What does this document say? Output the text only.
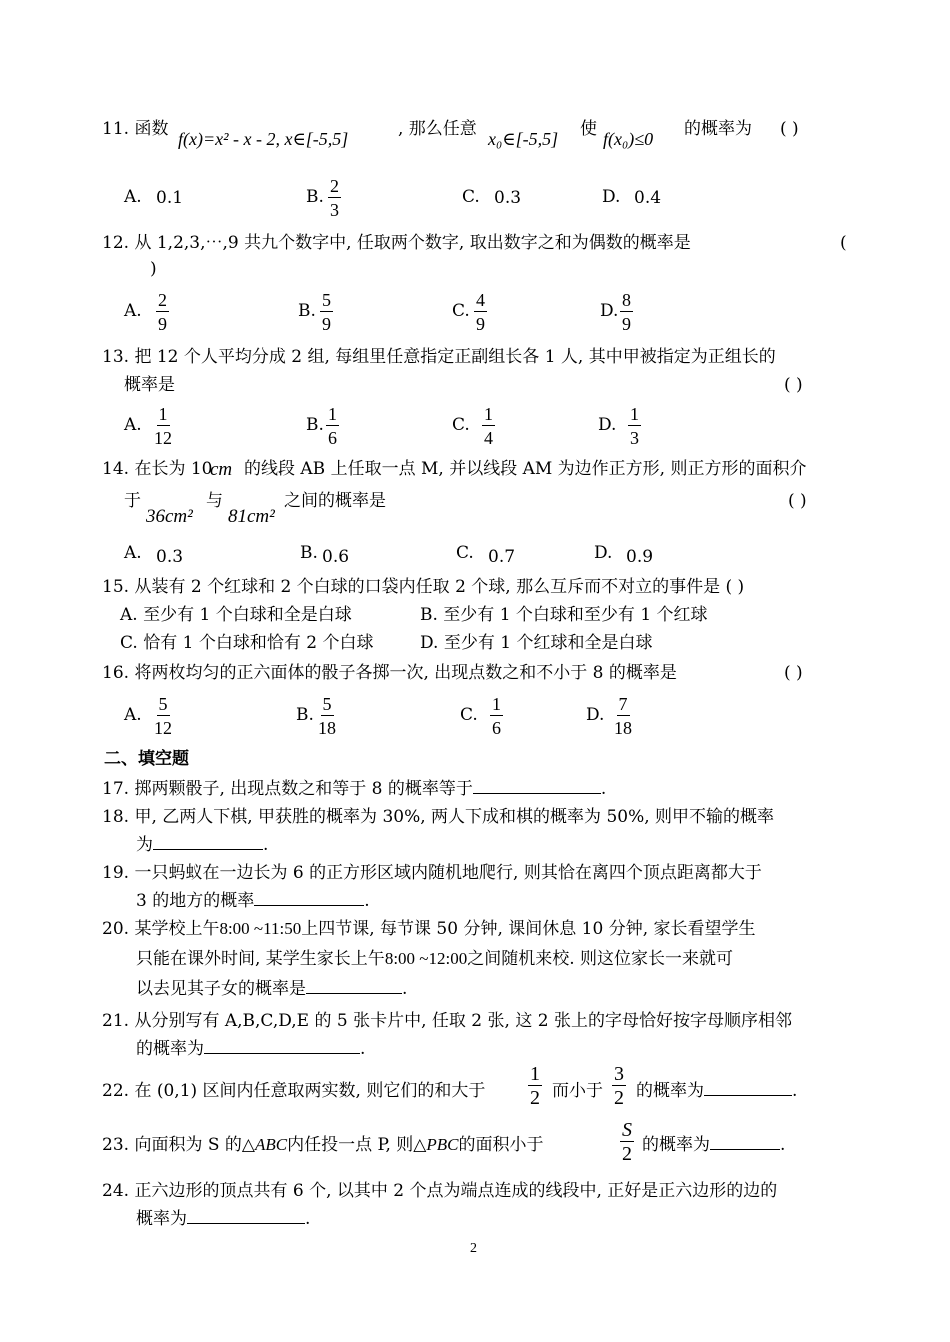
11. 函数 f(x)=x² - x - 2, x∈[-5,5]	, 那么任意 x₀∈[-5,5] 使 f(x₀)≤0 的概率为 ( )
A. 0.1	B. $\frac{2}{3}$	C. 0.3	D. 0.4
12. 从 1,2,3,⋯,9 共九个数字中, 任取两个数字, 取出数字之和为偶数的概率是	(
)
A. $\frac{2}{9}$	B. $\frac{5}{9}$	C. $\frac{4}{9}$	D. $\frac{8}{9}$
13. 把 12 个人平均分成 2 组, 每组里任意指定正副组长各 1 人, 其中甲被指定为正组长的
概率是	( )
A. $\frac{1}{12}$	B. $\frac{1}{6}$	C. $\frac{1}{4}$	D. $\frac{1}{3}$
14. 在长为 10
cm 的线段 AB 上任取一点 M, 并以线段 AM 为边作正方形, 则正方形的面积介
于
36cm²
与
81cm²
之间的概率是	( )
A. 0.3	B. 0.6	C. 0.7	D. 0.9
15. 从装有 2 个红球和 2 个白球的口袋内任取 2 个球, 那么互斥而不对立的事件是 ( )
A. 至少有 1 个白球和全是白球	B. 至少有 1 个白球和至少有 1 个红球
C. 恰有 1 个白球和恰有 2 个白球	D. 至少有 1 个红球和全是白球
16. 将两枚均匀的正六面体的骰子各掷一次, 出现点数之和不小于 8 的概率是	( )
A. $\frac{5}{12}$	B. $\frac{5}{18}$	C. $\frac{1}{6}$	D. $\frac{7}{18}$
二、填空题
17. 掷两颗骰子, 出现点数之和等于 8 的概率等于	.
18. 甲, 乙两人下棋, 甲获胜的概率为 30%, 两人下成和棋的概率为 50%, 则甲不输的概率
为	.
19. 一只蚂蚁在一边长为 6 的正方形区域内随机地爬行, 则其恰在离四个顶点距离都大于
3 的地方的概率	.
20. 某学校上午8:00 ~11:50上四节课, 每节课 50 分钟, 课间休息 10 分钟, 家长看望学生
只能在课外时间, 某学生家长上午8:00 ~12:00之间随机来校. 则这位家长一来就可
以去见其子女的概率是	.
21. 从分别写有 A,B,C,D,E 的 5 张卡片中, 任取 2 张, 这 2 张上的字母恰好按字母顺序相邻
的概率为	.
22. 在 (0,1) 区间内任意取两实数, 则它们的和大于 $\frac{1}{2}$ 而小于 $\frac{3}{2}$ 的概率为	.
23. 向面积为 S 的△ABC内任投一点 P, 则△PBC的面积小于	$\frac{S}{2}$ 的概率为	.
24. 正六边形的顶点共有 6 个, 以其中 2 个点为端点连成的线段中, 正好是正六边形的边的
概率为	.
2
